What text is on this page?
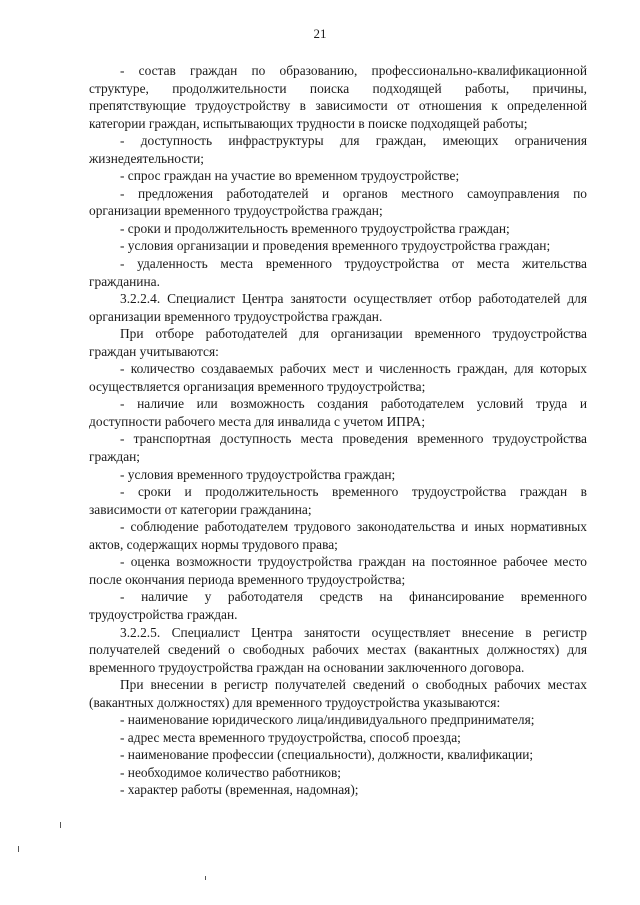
21

- состав граждан по образованию, профессионально-квалификационной структуре, продолжительности поиска подходящей работы, причины, препятствующие трудоустройству в зависимости от отношения к определенной категории граждан, испытывающих трудности в поиске подходящей работы;

- доступность инфраструктуры для граждан, имеющих ограничения жизнедеятельности;

- спрос граждан на участие во временном трудоустройстве;

- предложения работодателей и органов местного самоуправления по организации временного трудоустройства граждан;

- сроки и продолжительность временного трудоустройства граждан;

- условия организации и проведения временного трудоустройства граждан;

- удаленность места временного трудоустройства от места жительства гражданина.

3.2.2.4. Специалист Центра занятости осуществляет отбор работодателей для организации временного трудоустройства граждан.

При отборе работодателей для организации временного трудоустройства граждан учитываются:

- количество создаваемых рабочих мест и численность граждан, для которых осуществляется организация временного трудоустройства;

- наличие или возможность создания работодателем условий труда и доступности рабочего места для инвалида с учетом ИПРА;

- транспортная доступность места проведения временного трудоустройства граждан;

- условия временного трудоустройства граждан;

- сроки и продолжительность временного трудоустройства граждан в зависимости от категории гражданина;

- соблюдение работодателем трудового законодательства и иных нормативных актов, содержащих нормы трудового права;

- оценка возможности трудоустройства граждан на постоянное рабочее место после окончания периода временного трудоустройства;

- наличие у работодателя средств на финансирование временного трудоустройства граждан.

3.2.2.5. Специалист Центра занятости осуществляет внесение в регистр получателей сведений о свободных рабочих местах (вакантных должностях) для временного трудоустройства граждан на основании заключенного договора.

При внесении в регистр получателей сведений о свободных рабочих местах (вакантных должностях) для временного трудоустройства указываются:

- наименование юридического лица/индивидуального предпринимателя;

- адрес места временного трудоустройства, способ проезда;

- наименование профессии (специальности), должности, квалификации;

- необходимое количество работников;

- характер работы (временная, надомная);
